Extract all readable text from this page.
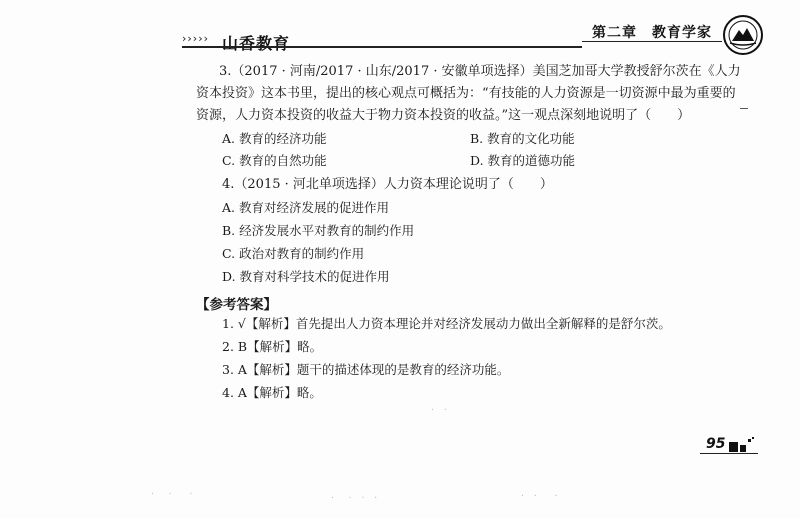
››››› 山香教育
第二章　教育学家
3.（2017 · 河南/2017 · 山东/2017 · 安徽单项选择）美国芝加哥大学教授舒尔茨在《人力
资本投资》这本书里，提出的核心观点可概括为：“有技能的人力资源是一切资源中最为重要的
资源，人力资本投资的收益大于物力资本投资的收益。”这一观点深刻地说明了（　　）
A. 教育的经济功能	B. 教育的文化功能
C. 教育的自然功能	D. 教育的道德功能
4.（2015 · 河北单项选择）人力资本理论说明了（　　）
A. 教育对经济发展的促进作用
B. 经济发展水平对教育的制约作用
C. 政治对教育的制约作用
D. 教育对科学技术的促进作用
【参考答案】
1. √【解析】首先提出人力资本理论并对经济发展动力做出全新解释的是舒尔茨。
2. B【解析】略。
3. A【解析】题干的描述体现的是教育的经济功能。
4. A【解析】略。
95
·　 ·　　·	·　 ·　·　·	·　·　　·
·　·
